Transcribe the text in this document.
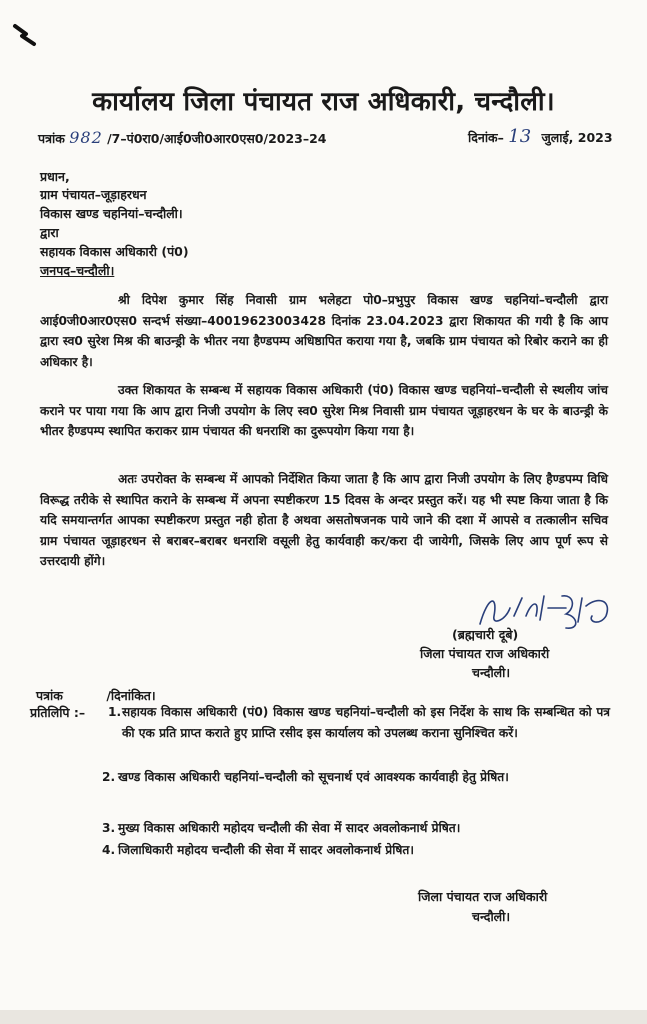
कार्यालय जिला पंचायत राज अधिकारी, चन्दौली।
पत्रांक 982 /7–पं0रा0/आई0जी0आर0एस0/2023–24	दिनांक– 13 जुलाई, 2023
प्रधान,
ग्राम पंचायत–जूड़ाहरधन
विकास खण्ड चहनियां–चन्दौली।
द्वारा
सहायक विकास अधिकारी (पं0)
जनपद–चन्दौली।

श्री दिपेश कुमार सिंह निवासी ग्राम भलेहटा पो0–प्रभुपुर विकास खण्ड चहनियां–चन्दौली द्वारा आई0जी0आर0एस0 सन्दर्भ संख्या–40019623003428 दिनांक 23.04.2023 द्वारा शिकायत की गयी है कि आप द्वारा स्व0 सुरेश मिश्र की बाउन्ड्री के भीतर नया हैण्डपम्प अधिष्ठापित कराया गया है, जबकि ग्राम पंचायत को रिबोर कराने का ही अधिकार है।

उक्त शिकायत के सम्बन्ध में सहायक विकास अधिकारी (पं0) विकास खण्ड चहनियां–चन्दौली से स्थलीय जांच कराने पर पाया गया कि आप द्वारा निजी उपयोग के लिए स्व0 सुरेश मिश्र निवासी ग्राम पंचायत जूड़ाहरधन के घर के बाउन्ड्री के भीतर हैण्डपम्प स्थापित कराकर ग्राम पंचायत की धनराशि का दुरूपयोग किया गया है।

अतः उपरोक्त के सम्बन्ध में आपको निर्देशित किया जाता है कि आप द्वारा निजी उपयोग के लिए हैण्डपम्प विधि विरूद्ध तरीके से स्थापित कराने के सम्बन्ध में अपना स्पष्टीकरण 15 दिवस के अन्दर प्रस्तुत करें। यह भी स्पष्ट किया जाता है कि यदि समयान्तर्गत आपका स्पष्टीकरण प्रस्तुत नही होता है अथवा असतोषजनक पाये जाने की दशा में आपसे व तत्कालीन सचिव ग्राम पंचायत जूड़ाहरधन से बराबर–बराबर धनराशि वसूली हेतु कार्यवाही कर/करा दी जायेगी, जिसके लिए आप पूर्ण रूप से उत्तरदायी होंगे।

(ब्रह्मचारी दूबे)
जिला पंचायत राज अधिकारी
चन्दौली।
पत्रांक          /दिनांकित।
प्रतिलिपि :– 1. सहायक विकास अधिकारी (पं0) विकास खण्ड चहनियां–चन्दौली को इस निर्देश के साथ कि सम्बन्धित को पत्र की एक प्रति प्राप्त कराते हुए प्राप्ति रसीद इस कार्यालय को उपलब्ध कराना सुनिश्चित करें।

2. खण्ड विकास अधिकारी चहनियां–चन्दौली को सूचनार्थ एवं आवश्यक कार्यवाही हेतु प्रेषित।

3. मुख्य विकास अधिकारी महोदय चन्दौली की सेवा में सादर अवलोकनार्थ प्रेषित।

4. जिलाधिकारी महोदय चन्दौली की सेवा में सादर अवलोकनार्थ प्रेषित।

जिला पंचायत राज अधिकारी
चन्दौली।
